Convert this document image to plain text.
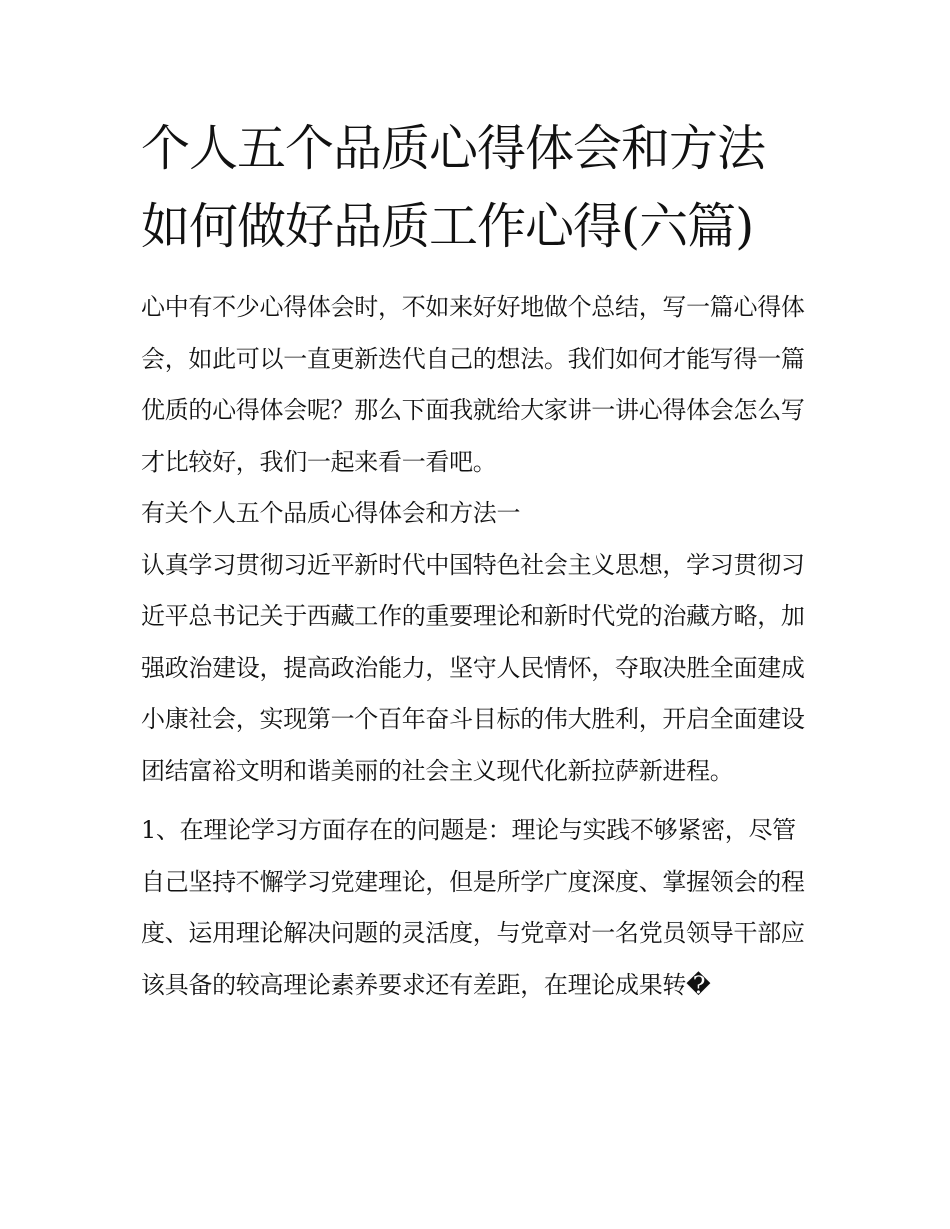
个人五个品质心得体会和方法
如何做好品质工作心得(六篇)

心中有不少心得体会时，不如来好好地做个总结，写一篇心得体会，如此可以一直更新迭代自己的想法。我们如何才能写得一篇优质的心得体会呢？那么下面我就给大家讲一讲心得体会怎么写才比较好，我们一起来看一看吧。

有关个人五个品质心得体会和方法一

认真学习贯彻习近平新时代中国特色社会主义思想，学习贯彻习近平总书记关于西藏工作的重要理论和新时代党的治藏方略，加强政治建设，提高政治能力，坚守人民情怀，夺取决胜全面建成小康社会，实现第一个百年奋斗目标的伟大胜利，开启全面建设团结富裕文明和谐美丽的社会主义现代化新拉萨新进程。

1、在理论学习方面存在的问题是：理论与实践不够紧密，尽管自己坚持不懈学习党建理论，但是所学广度深度、掌握领会的程度、运用理论解决问题的灵活度，与党章对一名党员领导干部应该具备的较高理论素养要求还有差距，在理论成果转�
